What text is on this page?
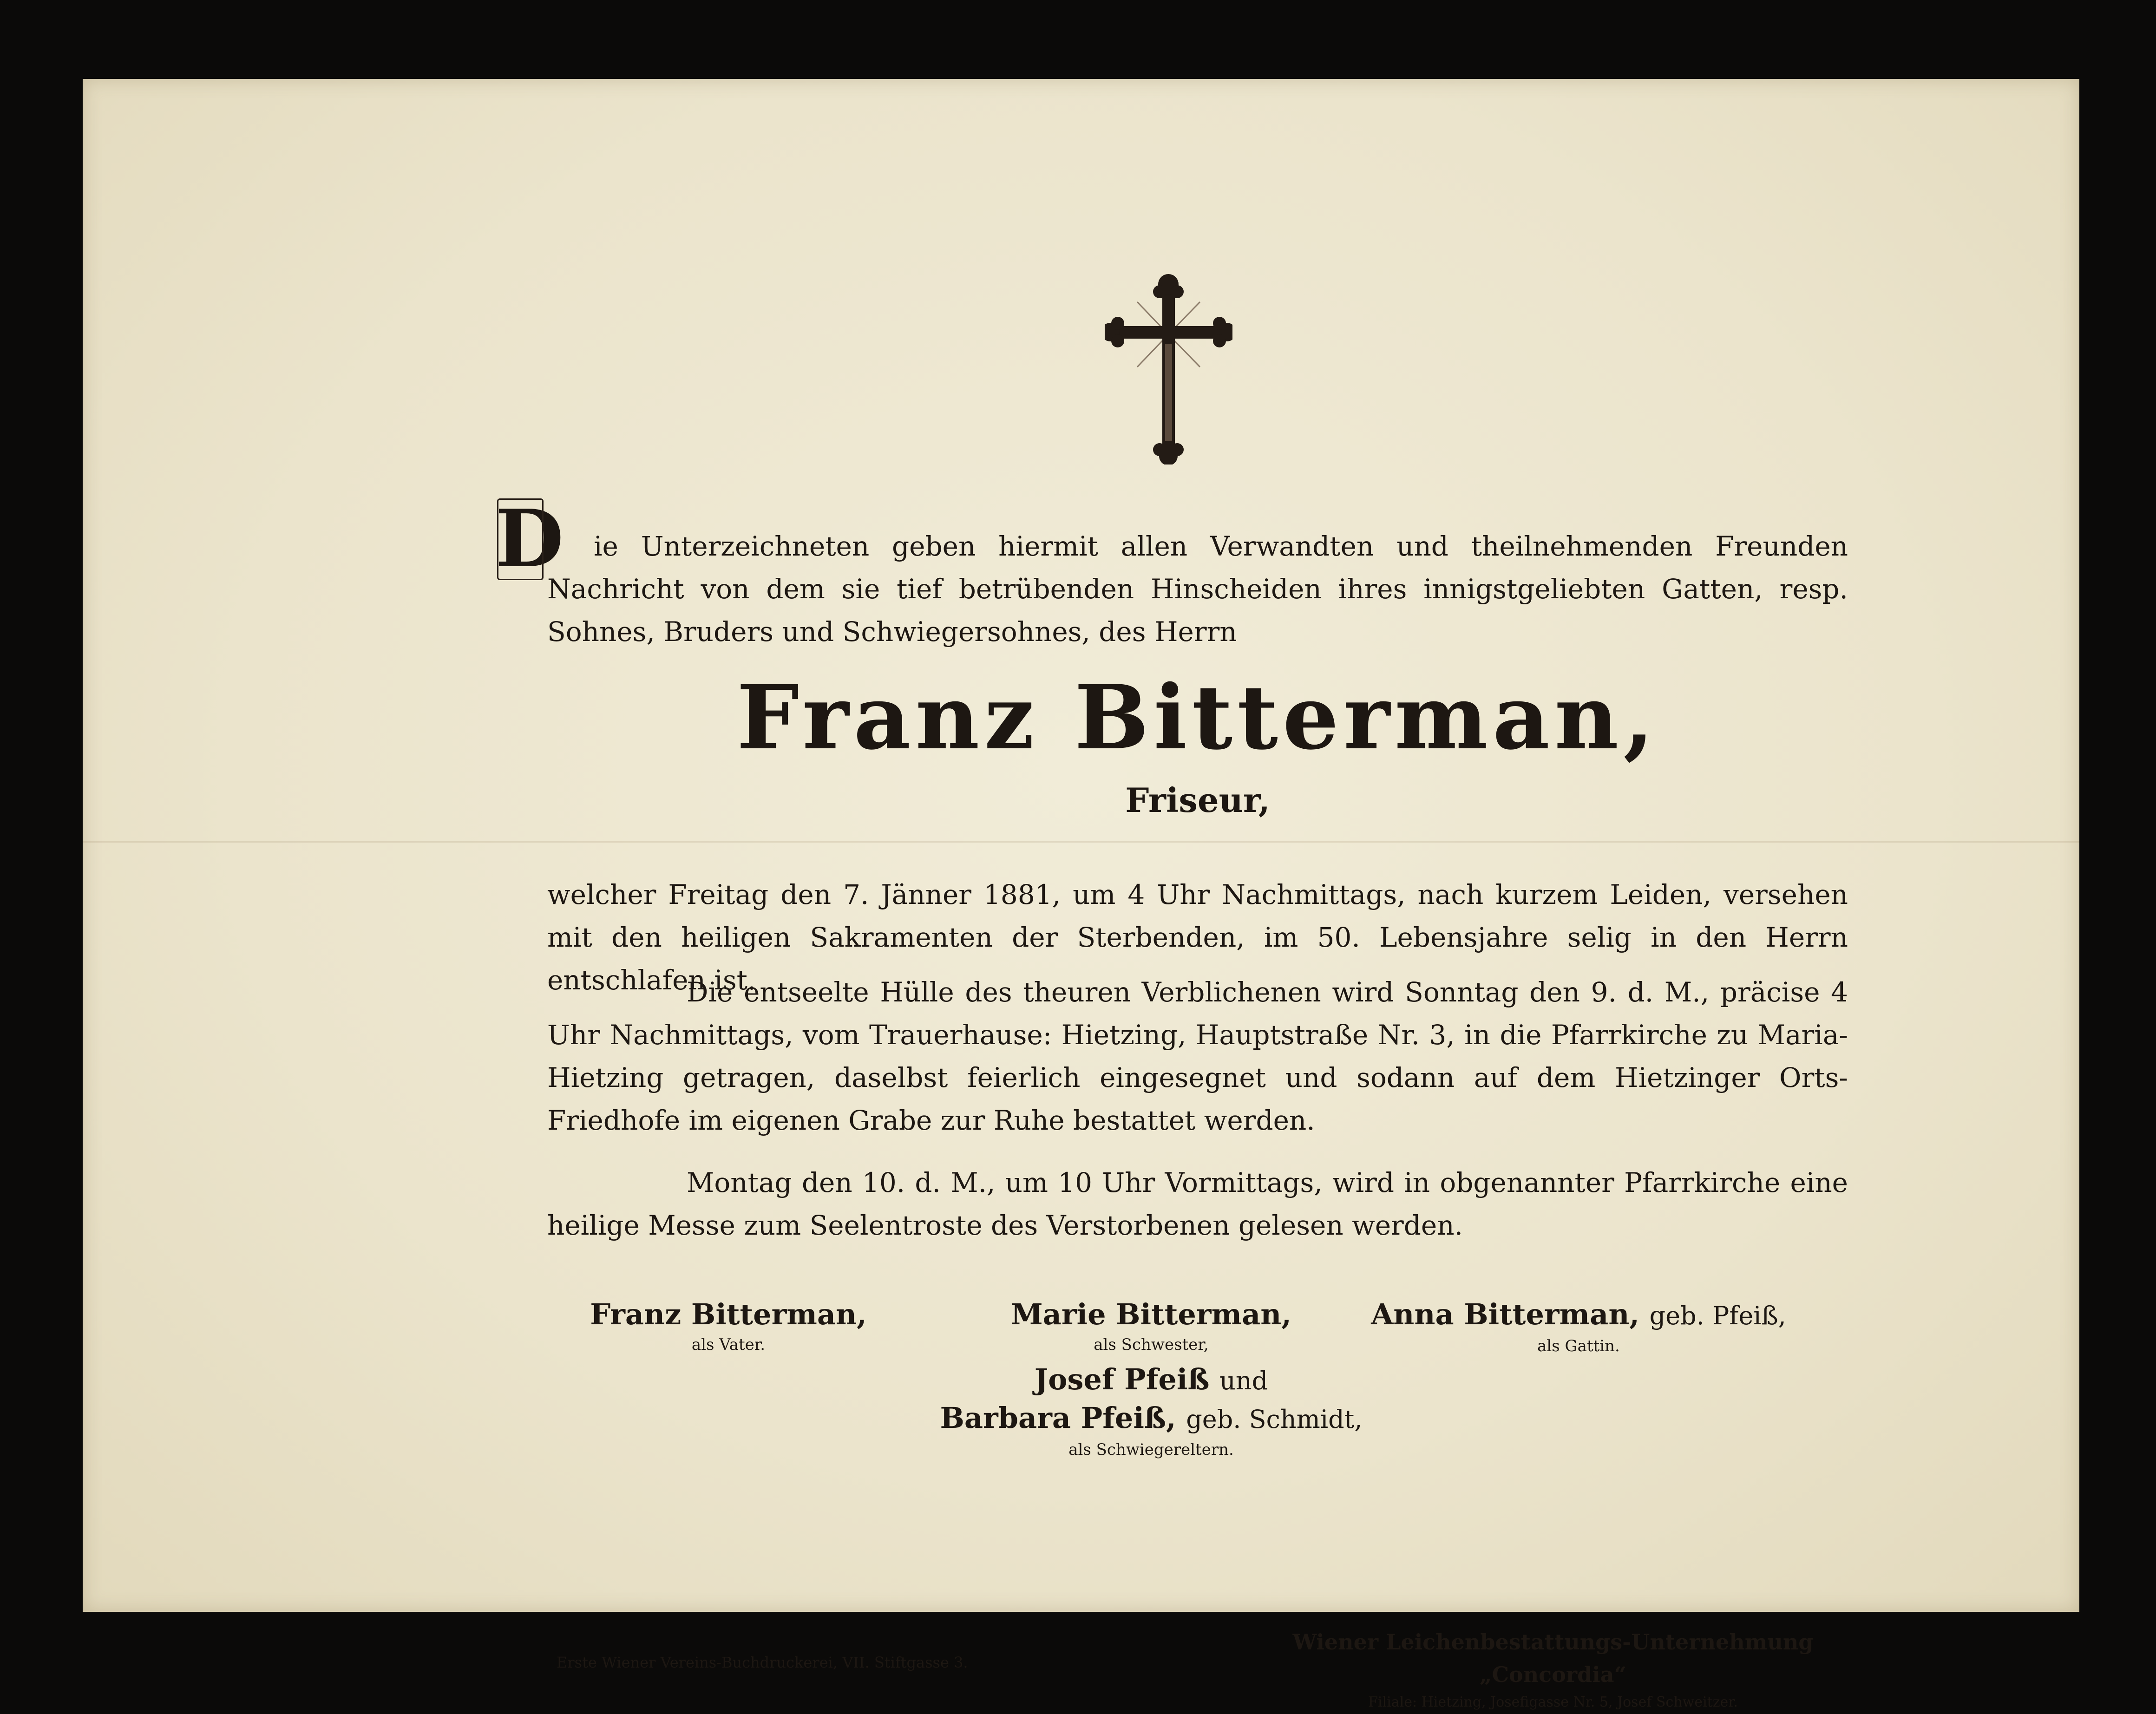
D	ie Unterzeichneten geben hiermit allen Verwandten und theilnehmenden Freunden Nachricht von dem sie tief betrübenden Hinscheiden ihres innigstgeliebten Gatten, resp. Sohnes, Bruders und Schwiegersohnes, des Herrn

Franz Bitterman,
Friseur,

welcher Freitag den 7. Jänner 1881, um 4 Uhr Nachmittags, nach kurzem Leiden, versehen mit den heiligen Sakramenten der Sterbenden, im 50. Lebensjahre selig in den Herrn entschlafen ist.

Die entseelte Hülle des theuren Verblichenen wird Sonntag den 9. d. M., präcise 4 Uhr Nachmittags, vom Trauerhause: Hietzing, Hauptstraße Nr. 3, in die Pfarrkirche zu Maria-Hietzing getragen, daselbst feierlich eingesegnet und sodann auf dem Hietzinger Orts-Friedhofe im eigenen Grabe zur Ruhe bestattet werden.

Montag den 10. d. M., um 10 Uhr Vormittags, wird in obgenannter Pfarrkirche eine heilige Messe zum Seelentroste des Verstorbenen gelesen werden.

Franz Bitterman,
als Vater.
Marie Bitterman,
als Schwester,
Anna Bitterman, geb. Pfeiß,
als Gattin.
Josef Pfeiß und
Barbara Pfeiß, geb. Schmidt,
als Schwiegereltern.
Erste Wiener Vereins-Buchdruckerei, VII. Stiftgasse 3.
Wiener Leichenbestattungs-Unternehmung „Concordia“
Filiale: Hietzing, Josefigasse Nr. 5, Josef Schweitzer.
